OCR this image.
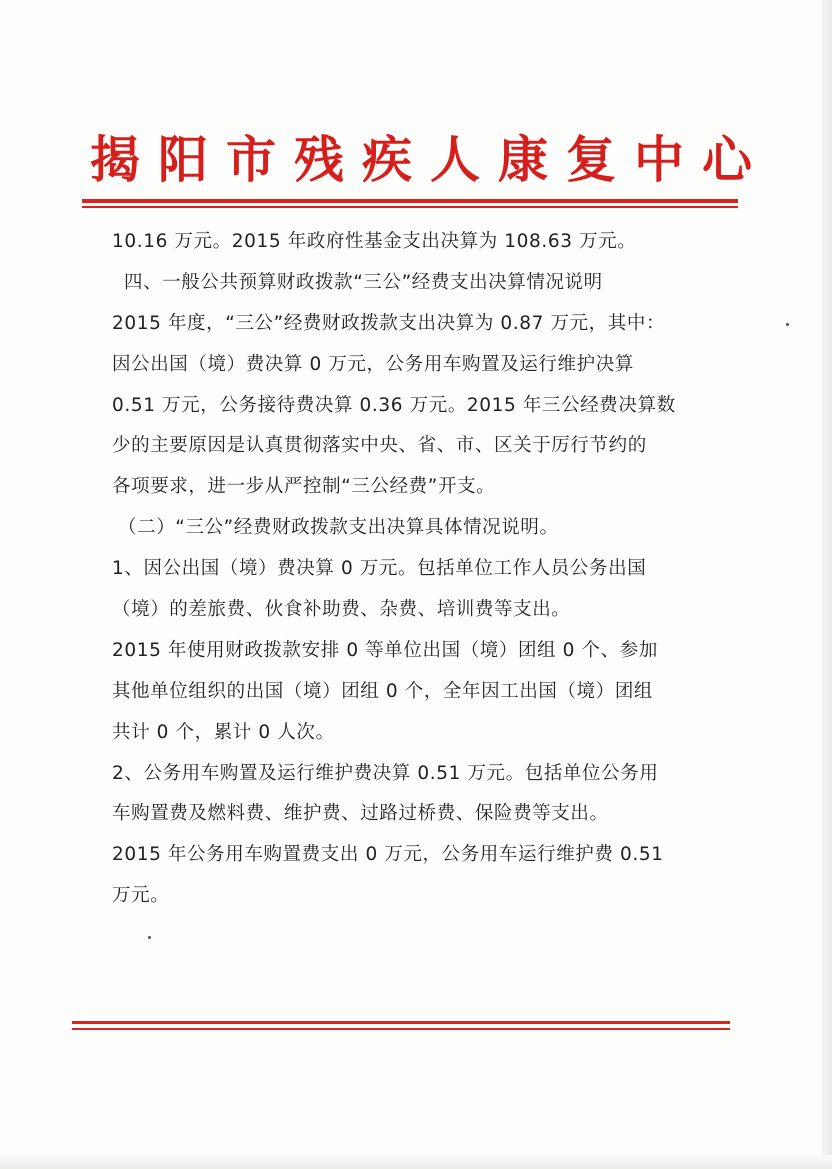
揭阳市残疾人康复中心
10.16 万元。2015 年政府性基金支出决算为 108.63 万元。
四、一般公共预算财政拨款“三公”经费支出决算情况说明
2015 年度，“三公”经费财政拨款支出决算为 0.87 万元，其中：
因公出国（境）费决算 0 万元，公务用车购置及运行维护决算
0.51 万元，公务接待费决算 0.36 万元。2015 年三公经费决算数
少的主要原因是认真贯彻落实中央、省、市、区关于厉行节约的
各项要求，进一步从严控制“三公经费”开支。
（二）“三公”经费财政拨款支出决算具体情况说明。
1、因公出国（境）费决算 0 万元。包括单位工作人员公务出国
（境）的差旅费、伙食补助费、杂费、培训费等支出。
2015 年使用财政拨款安排 0 等单位出国（境）团组 0 个、参加
其他单位组织的出国（境）团组 0 个，全年因工出国（境）团组
共计 0 个，累计 0 人次。
2、公务用车购置及运行维护费决算 0.51 万元。包括单位公务用
车购置费及燃料费、维护费、过路过桥费、保险费等支出。
2015 年公务用车购置费支出 0 万元，公务用车运行维护费 0.51
万元。
